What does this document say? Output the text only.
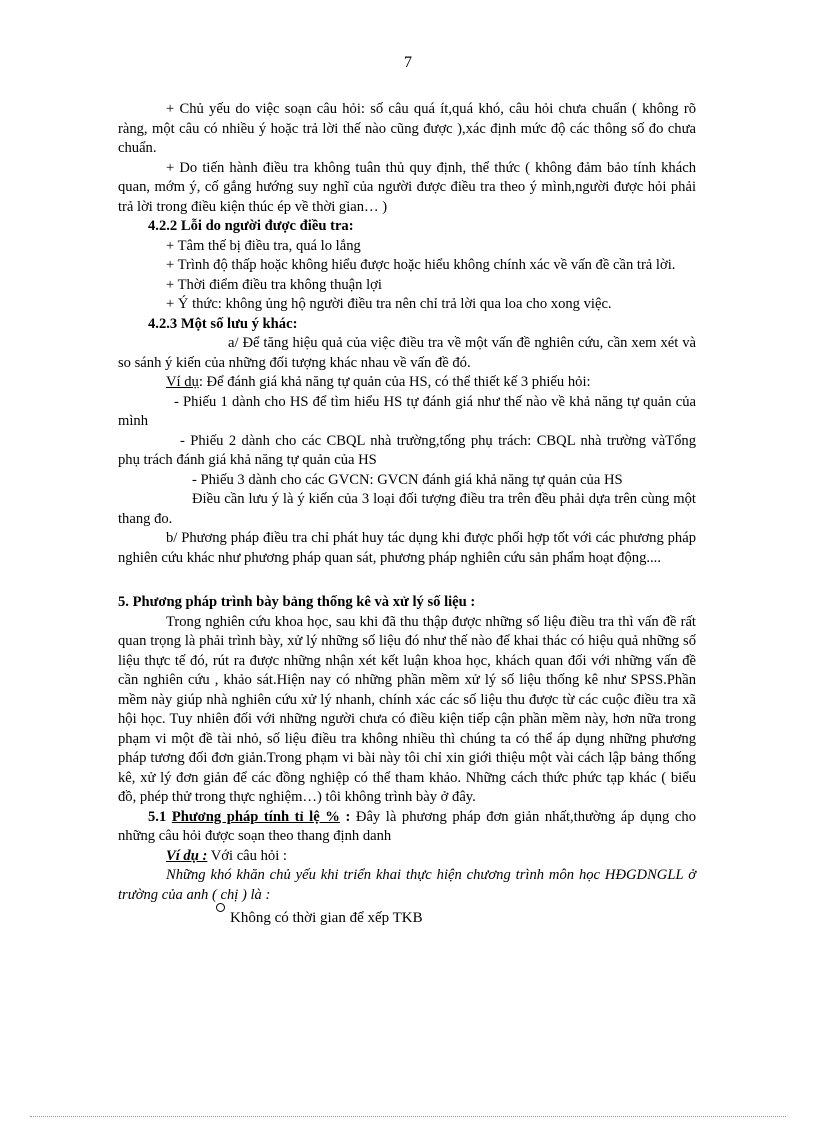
7

+ Chủ yếu do việc soạn câu hỏi: số câu quá ít,quá khó, câu hỏi chưa chuẩn ( không rõ ràng, một câu có nhiều ý hoặc trả lời thế nào cũng được ),xác định mức độ các thông số đo chưa chuẩn.

+ Do tiến hành điều tra không tuân thủ quy định, thể thức ( không đảm bảo tính khách quan, mớm ý, cố gắng hướng suy nghĩ của người được điều tra theo ý mình,người được hỏi phải trả lời trong điều kiện thúc ép về thời gian… )

4.2.2 Lỗi do người được điều tra:

+ Tâm thế bị điều tra, quá lo lắng

+ Trình độ thấp hoặc không hiểu được hoặc hiểu không chính xác về vấn đề cần trả lời.

+ Thời điểm điều tra không thuận lợi

+ Ý thức: không ủng hộ người điều tra nên chỉ trả lời qua loa cho xong việc.

4.2.3 Một số lưu ý khác:

a/ Để tăng hiệu quả của việc điều tra về một vấn đề nghiên cứu, cần xem xét và so sánh ý kiến của những đối tượng khác nhau về vấn đề đó.

Ví dụ: Để đánh giá khả năng tự quản của HS, có thể thiết kế 3 phiếu hỏi:

- Phiếu 1 dành cho HS để tìm hiểu HS tự đánh giá như thế nào về khả năng tự quản của mình

- Phiếu 2 dành cho các CBQL nhà trường,tổng phụ trách: CBQL nhà trường vàTổng phụ trách đánh giá khả năng tự quản của HS

- Phiếu 3 dành cho các GVCN: GVCN đánh giá khả năng tự quản của HS

Điều cần lưu ý là ý kiến của 3 loại đối tượng điều tra trên đều phải dựa trên cùng một thang đo.

b/ Phương pháp điều tra chỉ phát huy tác dụng khi được phối hợp tốt với các phương pháp nghiên cứu khác như phương pháp quan sát, phương pháp nghiên cứu sản phẩm hoạt động....

5. Phương pháp trình bày bảng thống kê và xử lý số liệu :

Trong nghiên cứu khoa học, sau khi đã thu thập được những số liệu điều tra thì vấn đề rất quan trọng là phải trình bày, xử lý những số liệu đó như thế nào để khai thác có hiệu quả những số liệu thực tế đó, rút ra được những nhận xét kết luận khoa học, khách quan đối với những vấn đề cần nghiên cứu , khảo sát.Hiện nay có những phần mềm xử lý số liệu thống kê như SPSS.Phần mềm này giúp nhà nghiên cứu xử lý nhanh, chính xác các số liệu thu được từ các cuộc điều tra xã hội học. Tuy nhiên đối với những người chưa có điều kiện tiếp cận phần mềm này, hơn nữa trong phạm vi một đề tài nhỏ, số liệu điều tra không nhiều thì chúng ta có thể áp dụng những phương pháp tương đối đơn giản.Trong phạm vi bài này tôi chỉ xin giới thiệu một vài cách lập bảng thống kê, xử lý đơn giản để các đồng nghiệp có thể tham khảo. Những cách thức phức tạp khác ( biểu đồ, phép thử trong thực nghiệm…) tôi không trình bày ở đây.

5.1 Phương pháp tính tỉ lệ % : Đây là phương pháp đơn giản nhất,thường áp dụng cho những câu hỏi được soạn theo thang định danh

Ví dụ : Với câu hỏi :

Những khó khăn chủ yếu khi triển khai thực hiện chương trình môn học HĐGDNGLL ở trường của anh ( chị ) là :

Không có thời gian để xếp TKB
